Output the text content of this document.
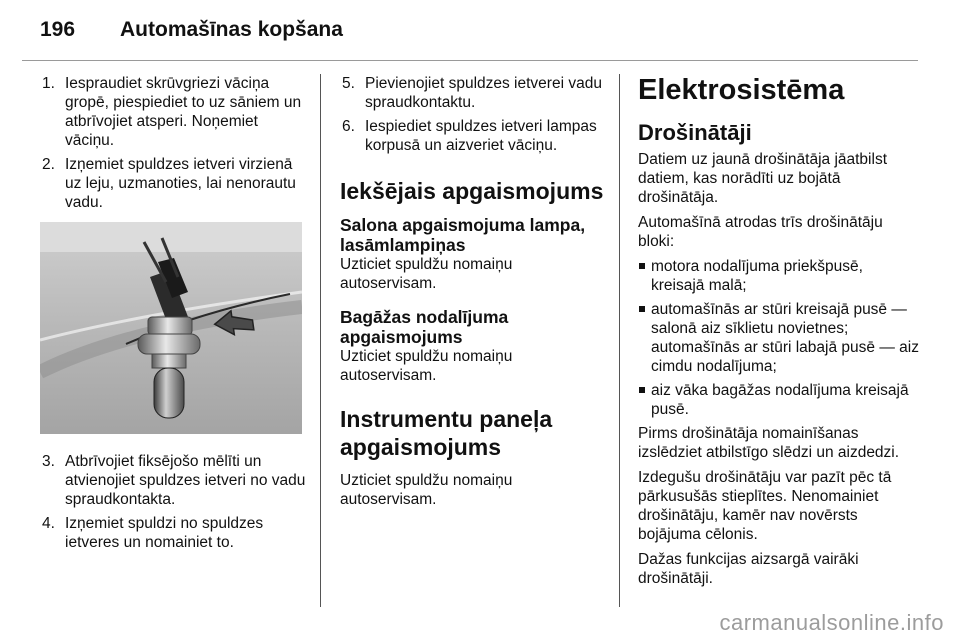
196 Automašīnas kopšana
1. Iespraudiet skrūvgriezi vāciņa gropē, piespiediet to uz sāniem un atbrīvojiet atsperi. Noņemiet vāciņu.
2. Izņemiet spuldzes ietveri virzienā uz leju, uzmanoties, lai nenorautu vadu.
3. Atbrīvojiet fiksējošo mēlīti un atvienojiet spuldzes ietveri no vadu spraudkontakta.
4. Izņemiet spuldzi no spuldzes ietveres un nomainiet to.
5. Pievienojiet spuldzes ietverei vadu spraudkontaktu.
6. Iespiediet spuldzes ietveri lampas korpusā un aizveriet vāciņu.
Iekšējais apgaismojums
Salona apgaismojuma lampa, lasāmlampiņas

Uzticiet spuldžu nomaiņu autoservisam.

Bagāžas nodalījuma apgaismojums

Uzticiet spuldžu nomaiņu autoservisam.

Instrumentu paneļa apgaismojums

Uzticiet spuldžu nomaiņu autoservisam.

Elektrosistēma
Drošinātāji

Datiem uz jaunā drošinātāja jāatbilst datiem, kas norādīti uz bojātā drošinātāja.

Automašīnā atrodas trīs drošinātāju bloki:

motora nodalījuma priekšpusē, kreisajā malā;
automašīnās ar stūri kreisajā pusē — salonā aiz sīklietu novietnes; automašīnās ar stūri labajā pusē — aiz cimdu nodalījuma;
aiz vāka bagāžas nodalījuma kreisajā pusē.

Pirms drošinātāja nomainīšanas izslēdziet atbilstīgo slēdzi un aizdedzi.

Izdegušu drošinātāju var pazīt pēc tā pārkusušās stieplītes. Nenomainiet drošinātāju, kamēr nav novērsts bojājuma cēlonis.

Dažas funkcijas aizsargā vairāki drošinātāji.

carmanualsonline.info
